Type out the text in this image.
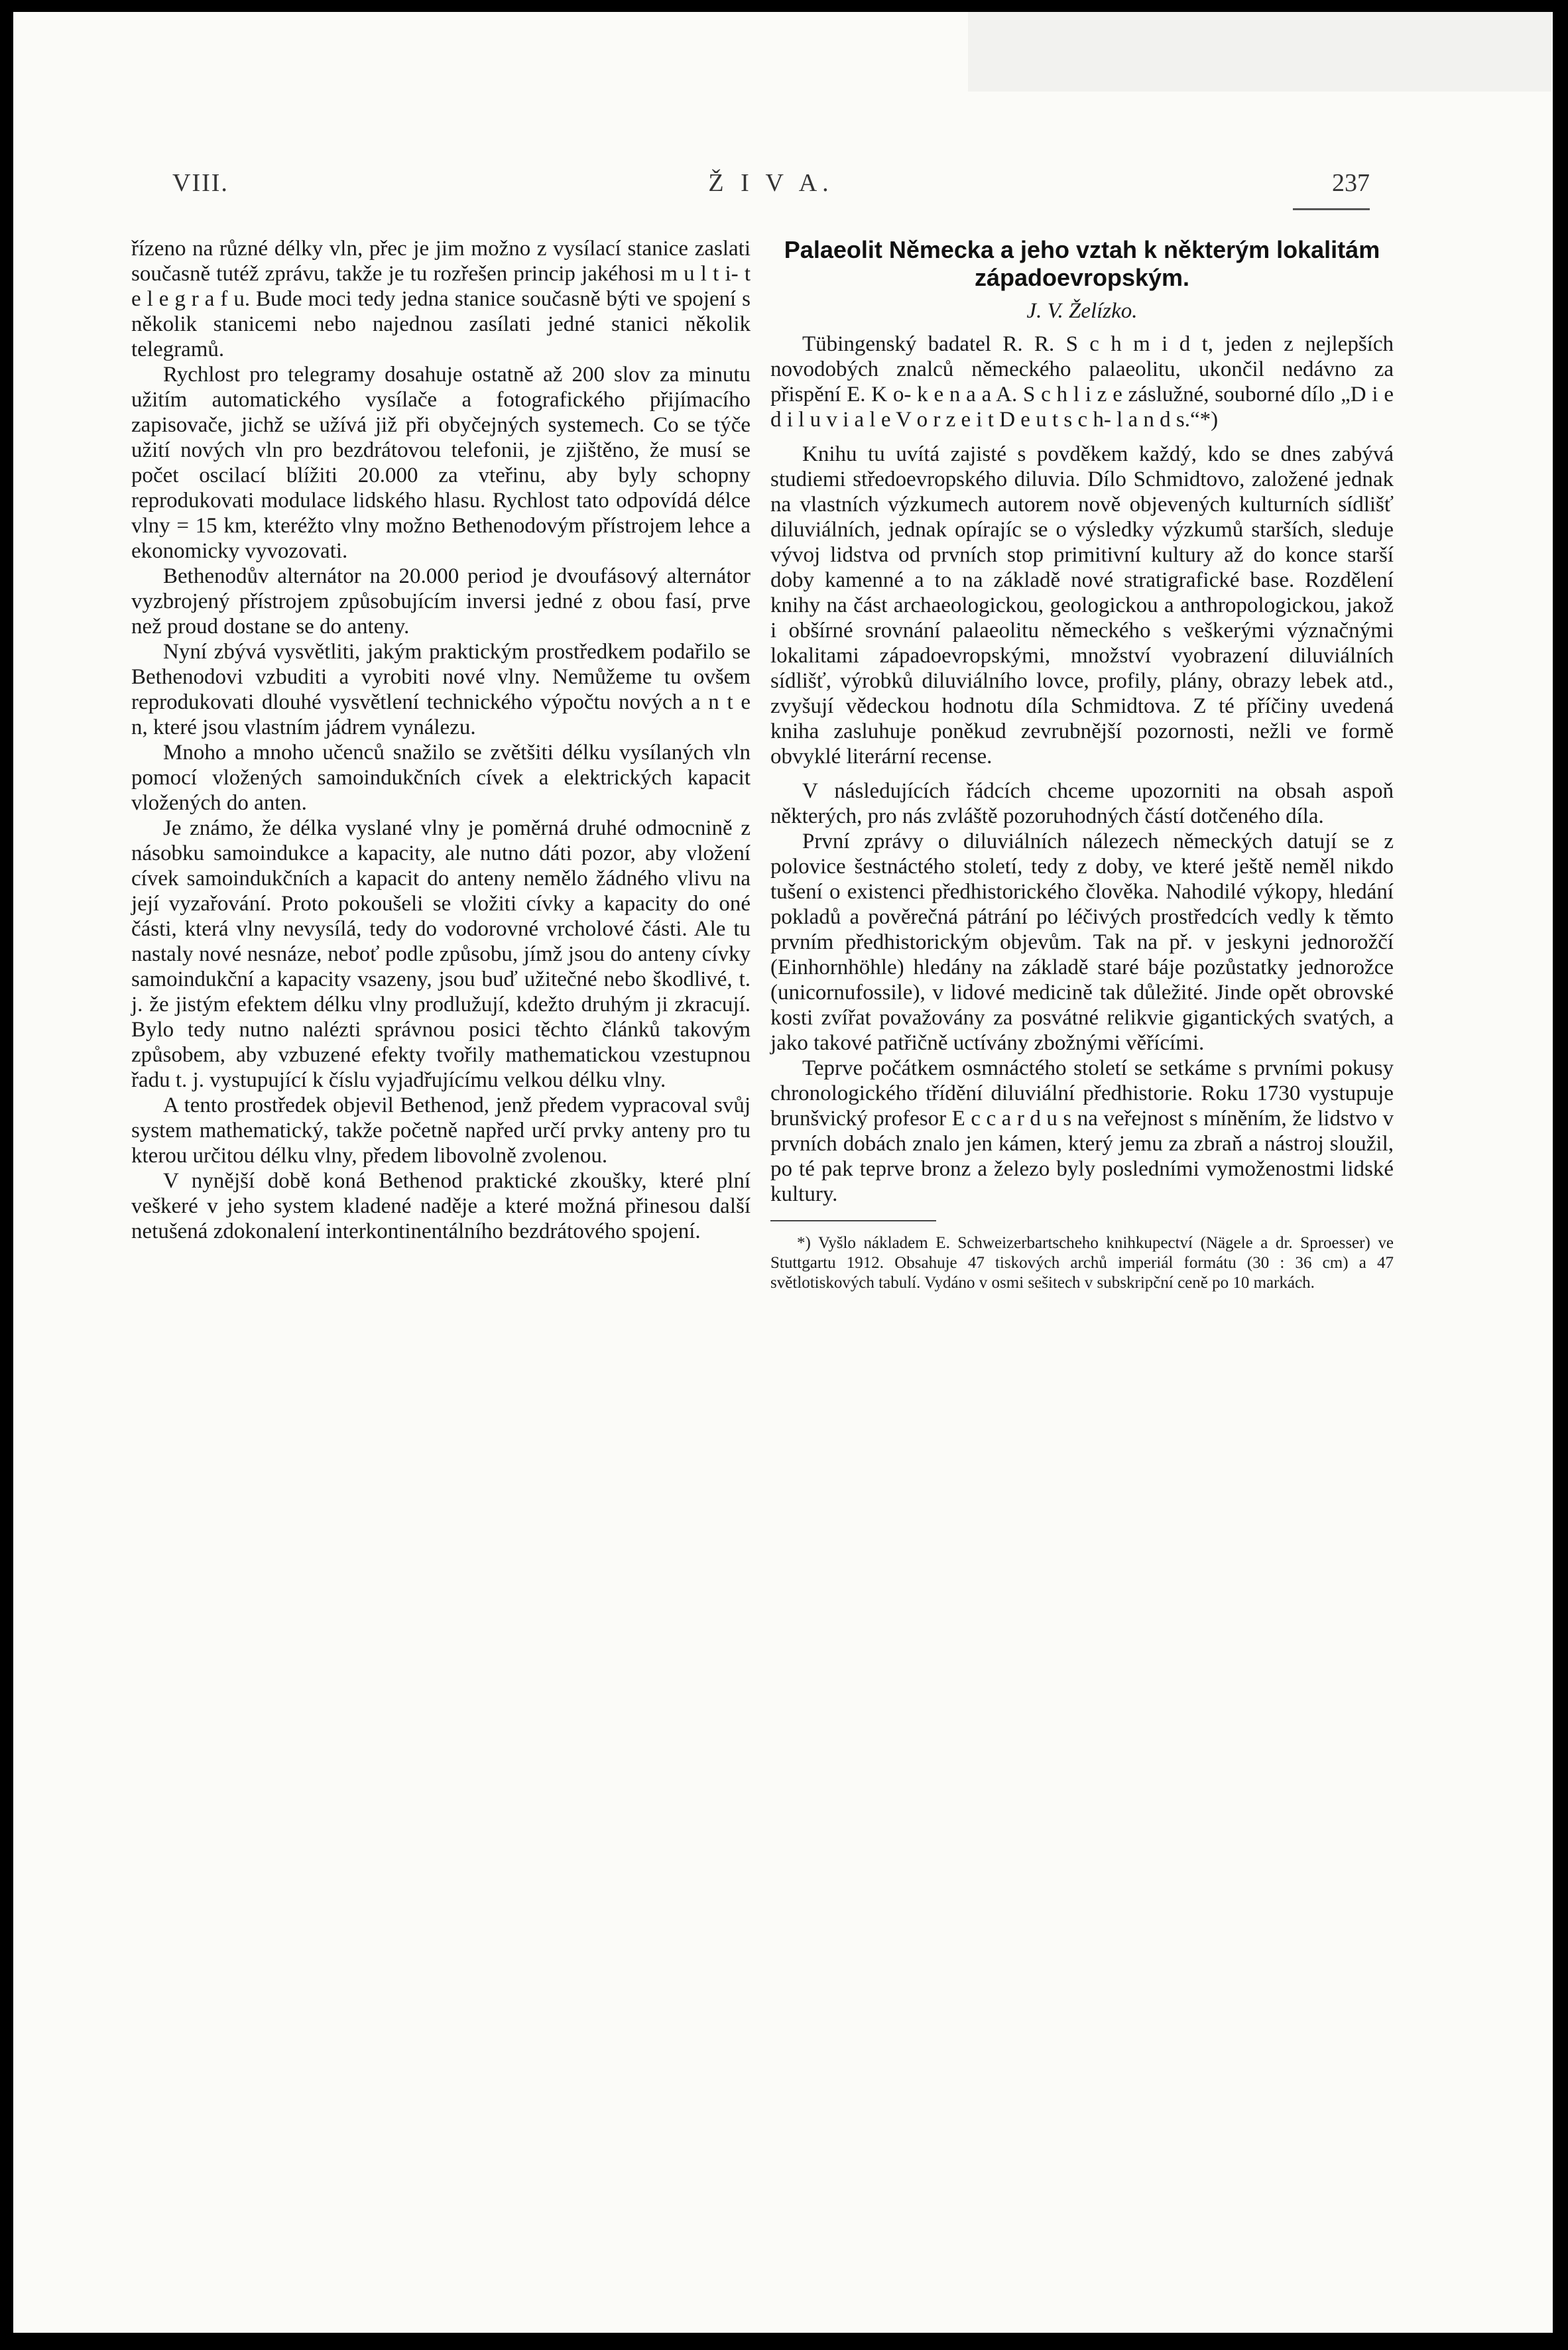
VIII.	Ž I V A.	237

řízeno na různé délky vln, přec je jim možno z vysílací stanice zaslati současně tutéž zprávu, takže je tu rozřešen princip jakéhosi m u l t i- t e l e g r a f u. Bude moci tedy jedna stanice současně býti ve spojení s několik stanicemi nebo najednou zasílati jedné stanici několik telegramů.

Rychlost pro telegramy dosahuje ostatně až 200 slov za minutu užitím automatického vysílače a fotografického přijímacího zapisovače, jichž se užívá již při obyčejných systemech. Co se týče užití nových vln pro bezdrátovou telefonii, je zjištěno, že musí se počet oscilací blížiti 20.000 za vteřinu, aby byly schopny reprodukovati modulace lidského hlasu. Rychlost tato odpovídá délce vlny = 15 km, kteréžto vlny možno Bethenodovým přístrojem lehce a ekonomicky vyvozovati.

Bethenodův alternátor na 20.000 period je dvoufásový alternátor vyzbrojený přístrojem způsobujícím inversi jedné z obou fasí, prve než proud dostane se do anteny.

Nyní zbývá vysvětliti, jakým praktickým prostředkem podařilo se Bethenodovi vzbuditi a vyrobiti nové vlny. Nemůžeme tu ovšem reprodukovati dlouhé vysvětlení technického výpočtu nových a n t e n, které jsou vlastním jádrem vynálezu.

Mnoho a mnoho učenců snažilo se zvětšiti délku vysílaných vln pomocí vložených samoindukčních cívek a elektrických kapacit vložených do anten.

Je známo, že délka vyslané vlny je poměrná druhé odmocnině z násobku samoindukce a kapacity, ale nutno dáti pozor, aby vložení cívek samoindukčních a kapacit do anteny nemělo žádného vlivu na její vyzařování. Proto pokoušeli se vložiti cívky a kapacity do oné části, která vlny nevysílá, tedy do vodorovné vrcholové části. Ale tu nastaly nové nesnáze, neboť podle způsobu, jímž jsou do anteny cívky samoindukční a kapacity vsazeny, jsou buď užitečné nebo škodlivé, t. j. že jistým efektem délku vlny prodlužují, kdežto druhým ji zkracují. Bylo tedy nutno nalézti správnou posici těchto článků takovým způsobem, aby vzbuzené efekty tvořily mathematickou vzestupnou řadu t. j. vystupující k číslu vyjadřujícímu velkou délku vlny.

A tento prostředek objevil Bethenod, jenž předem vypracoval svůj system mathematický, takže početně napřed určí prvky anteny pro tu kterou určitou délku vlny, předem libovolně zvolenou.

V nynější době koná Bethenod praktické zkoušky, které plní veškeré v jeho system kladené naděje a které možná přinesou další netušená zdokonalení interkontinentálního bezdrátového spojení.

Palaeolit Německa a jeho vztah k některým lokalitám západoevropským.
J. V. Želízko.

Tübingenský badatel R. R. S c h m i d t, jeden z nejlepších novodobých znalců německého palaeolitu, ukončil nedávno za přispění E. K o- k e n a a A. S c h l i z e záslužné, souborné dílo „D i e d i l u v i a l e V o r z e i t D e u t s c h- l a n d s.“*)

Knihu tu uvítá zajisté s povděkem každý, kdo se dnes zabývá studiemi středoevropského diluvia. Dílo Schmidtovo, založené jednak na vlastních výzkumech autorem nově objevených kulturních sídlišť diluviálních, jednak opírajíc se o výsledky výzkumů starších, sleduje vývoj lidstva od prvních stop primitivní kultury až do konce starší doby kamenné a to na základě nové stratigrafické base. Rozdělení knihy na část archaeologickou, geologickou a anthropologickou, jakož i obšírné srovnání palaeolitu německého s veškerými význačnými lokalitami západoevropskými, množství vyobrazení diluviálních sídlišť, výrobků diluviálního lovce, profily, plány, obrazy lebek atd., zvyšují vědeckou hodnotu díla Schmidtova. Z té příčiny uvedená kniha zasluhuje poněkud zevrubnější pozornosti, nežli ve formě obvyklé literární recense.

V následujících řádcích chceme upozorniti na obsah aspoň některých, pro nás zvláště pozoruhodných částí dotčeného díla.

První zprávy o diluviálních nálezech německých datují se z polovice šestnáctého století, tedy z doby, ve které ještě neměl nikdo tušení o existenci předhistorického člověka. Nahodilé výkopy, hledání pokladů a pověrečná pátrání po léčivých prostředcích vedly k těmto prvním předhistorickým objevům. Tak na př. v jeskyni jednorožčí (Einhornhöhle) hledány na základě staré báje pozůstatky jednorožce (unicornufossile), v lidové medicině tak důležité. Jinde opět obrovské kosti zvířat považovány za posvátné relikvie gigantických svatých, a jako takové patřičně uctívány zbožnými věřícími.

Teprve počátkem osmnáctého století se setkáme s prvními pokusy chronologického třídění diluviální předhistorie. Roku 1730 vystupuje brunšvický profesor E c c a r d u s na veřejnost s míněním, že lidstvo v prvních dobách znalo jen kámen, který jemu za zbraň a nástroj sloužil, po té pak teprve bronz a železo byly posledními vymoženostmi lidské kultury.

*) Vyšlo nákladem E. Schweizerbartscheho knihkupectví (Nägele a dr. Sproesser) ve Stuttgartu 1912. Obsahuje 47 tiskových archů imperiál formátu (30 : 36 cm) a 47 světlotiskových tabulí. Vydáno v osmi sešitech v subskripční ceně po 10 markách.
